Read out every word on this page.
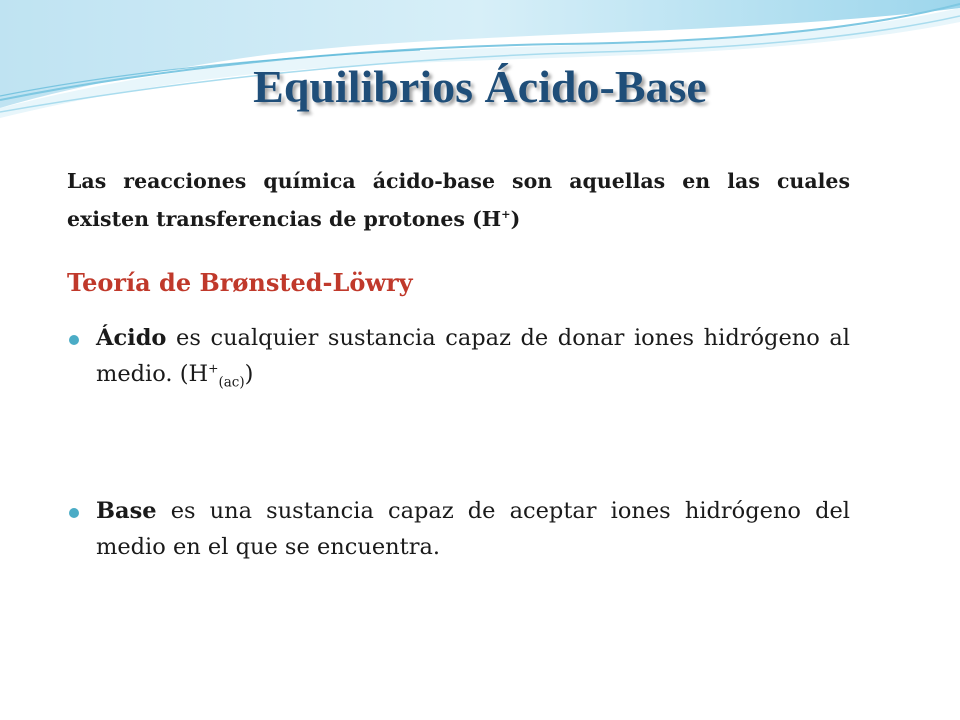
Equilibrios Ácido-Base
Las reacciones química ácido-base son aquellas en las cuales existen transferencias de protones (H+)
Teoría de Brønsted-Löwry
Ácido es cualquier sustancia capaz de donar iones hidrógeno al medio. $(H^+_{(ac)})$
Base es una sustancia capaz de aceptar iones hidrógeno del medio en el que se encuentra.
